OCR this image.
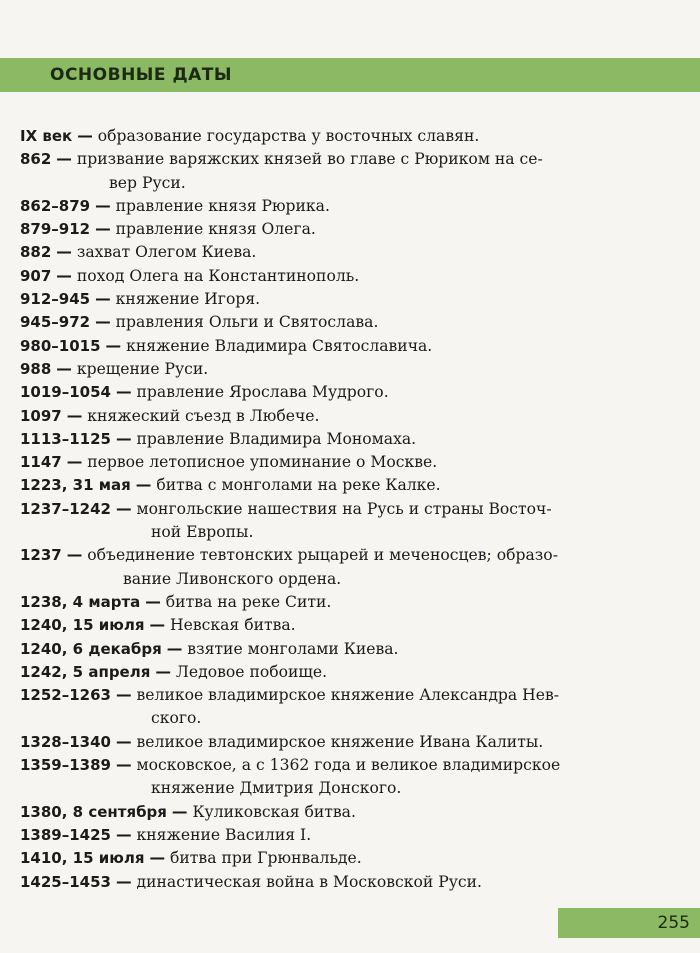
ОСНОВНЫЕ ДАТЫ
IX век — образование государства у восточных славян.
862 — призвание варяжских князей во главе с Рюриком на се-
вер Руси.
862–879 — правление князя Рюрика.
879–912 — правление князя Олега.
882 — захват Олегом Киева.
907 — поход Олега на Константинополь.
912–945 — княжение Игоря.
945–972 — правления Ольги и Святослава.
980–1015 — княжение Владимира Святославича.
988 — крещение Руси.
1019–1054 — правление Ярослава Мудрого.
1097 — княжеский съезд в Любече.
1113–1125 — правление Владимира Мономаха.
1147 — первое летописное упоминание о Москве.
1223, 31 мая — битва с монголами на реке Калке.
1237–1242 — монгольские нашествия на Русь и страны Восточ-
ной Европы.
1237 — объединение тевтонских рыцарей и меченосцев; образо-
вание Ливонского ордена.
1238, 4 марта — битва на реке Сити.
1240, 15 июля — Невская битва.
1240, 6 декабря — взятие монголами Киева.
1242, 5 апреля — Ледовое побоище.
1252–1263 — великое владимирское княжение Александра Нев-
ского.
1328–1340 — великое владимирское княжение Ивана Калиты.
1359–1389 — московское, а с 1362 года и великое владимирское
княжение Дмитрия Донского.
1380, 8 сентября — Куликовская битва.
1389–1425 — княжение Василия I.
1410, 15 июля — битва при Грюнвальде.
1425–1453 — династическая война в Московской Руси.
255
